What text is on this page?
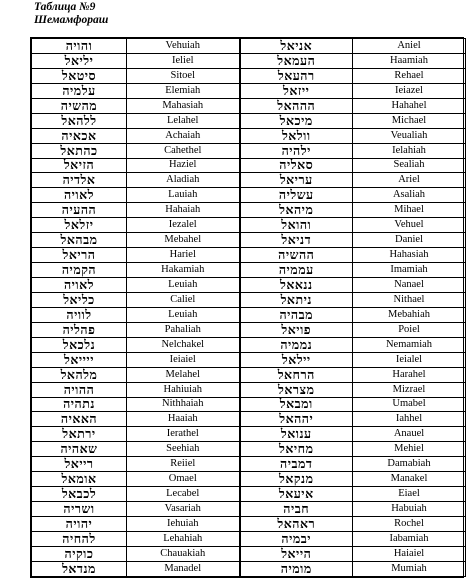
Таблица №9
Шемамфораш
והויה	Vehuiah	אניאל	Aniel
יליאל	Ieliel	העמאל	Haamiah
סיטאל	Sitoel	רהעאל	Rehael
עלמיה	Elemiah	ייזאל	Ieiazel
מהשיה	Mahasiah	הההאל	Hahahel
ללהאל	Lelahel	מיכאל	Michael
אכאיה	Achaiah	וולאל	Veualiah
כהתאל	Cahethel	ילהיה	Ielahiah
הזיאל	Haziel	סאליה	Sealiah
אלדיה	Aladiah	עריאל	Ariel
לאויה	Lauiah	עשליה	Asaliah
ההעיה	Hahaiah	מיהאל	Mihael
יזלאל	Iezalel	והואל	Vehuel
מבהאל	Mebahel	דניאל	Daniel
הריאל	Hariel	ההשיה	Hahasiah
הקמיה	Hakamiah	עממיה	Imamiah
לאויה	Leuiah	ננאאל	Nanael
כליאל	Caliel	ניתאל	Nithael
לוויה	Leuiah	מבהיה	Mebahiah
פהליה	Pahaliah	פויאל	Poiel
נלכאל	Nelchakel	נממיה	Nemamiah
ייייאל	Ieiaiel	יילאל	Ieialel
מלהאל	Melahel	הרחאל	Harahel
ההויה	Hahiuiah	מצראל	Mizrael
נתהיה	Nithhaiah	ומבאל	Umabel
האאיה	Haaiah	יההאל	Iahhel
ירתאל	Ierathel	ענואל	Anauel
שאהיה	Seehiah	מחיאל	Mehiel
רייאל	Reiiel	דמביה	Damabiah
אומאל	Omael	מנקאל	Manakel
לכבאל	Lecabel	איעאל	Eiael
ושריה	Vasariah	חביה	Habuiah
יהויה	Iehuiah	ראהאל	Rochel
להחיה	Lehahiah	יבמיה	Iabamiah
כוקיה	Chauakiah	הייאל	Haiaiel
מנדאל	Manadel	מומיה	Mumiah
